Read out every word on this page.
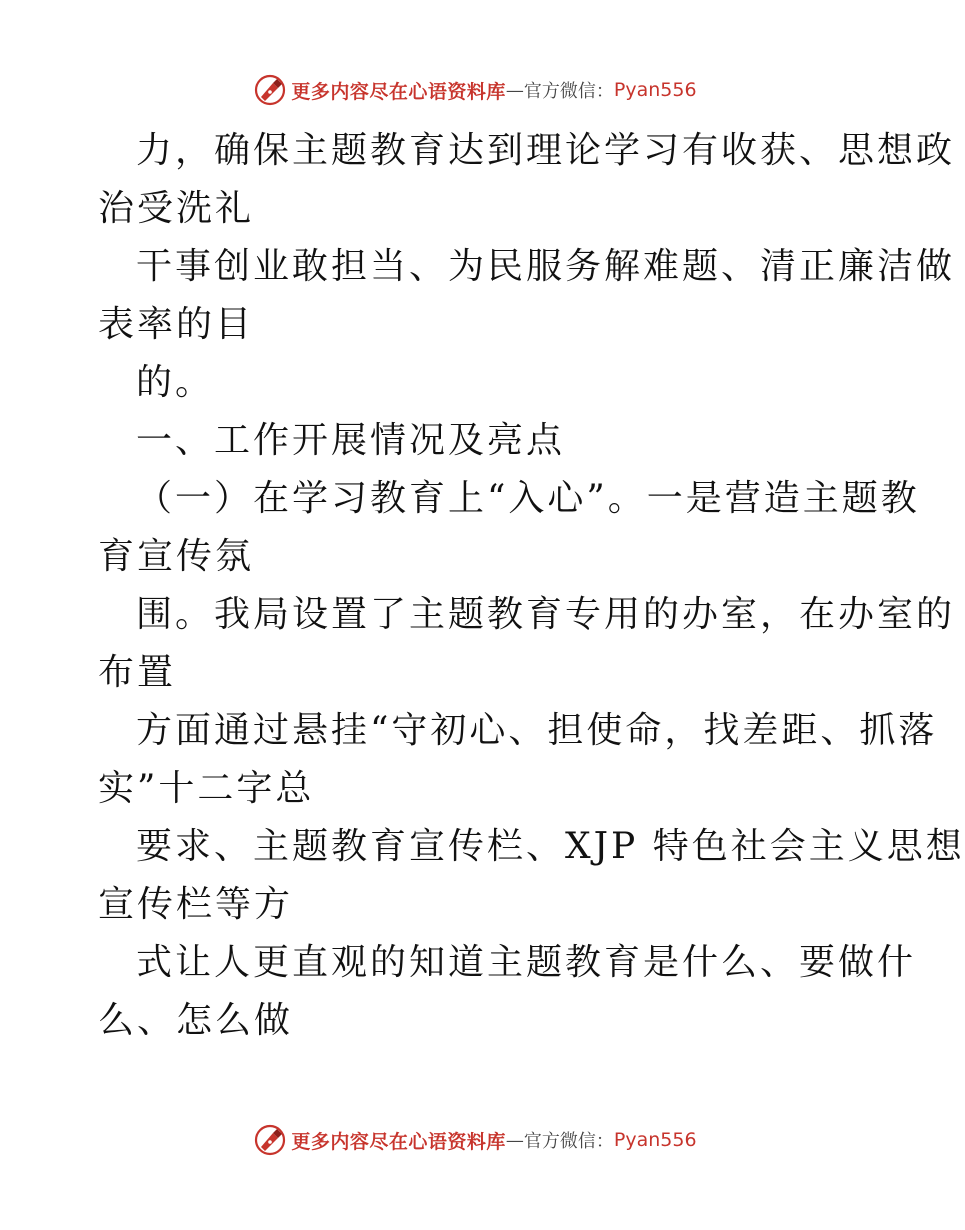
更多内容尽在心语资料库 — 官方微信： Pyan556
力，确保主题教育达到理论学习有收获、思想政
治受洗礼
干事创业敢担当、为民服务解难题、清正廉洁做
表率的目
的。
一、工作开展情况及亮点
（一）在学习教育上“入心”。一是营造主题教
育宣传氛
围。我局设置了主题教育专用的办室，在办室的
布置
方面通过悬挂“守初心、担使命，找差距、抓落
实”十二字总
要求、主题教育宣传栏、XJP 特色社会主义思想
宣传栏等方
式让人更直观的知道主题教育是什么、要做什
么、怎么做
更多内容尽在心语资料库 — 官方微信： Pyan556
